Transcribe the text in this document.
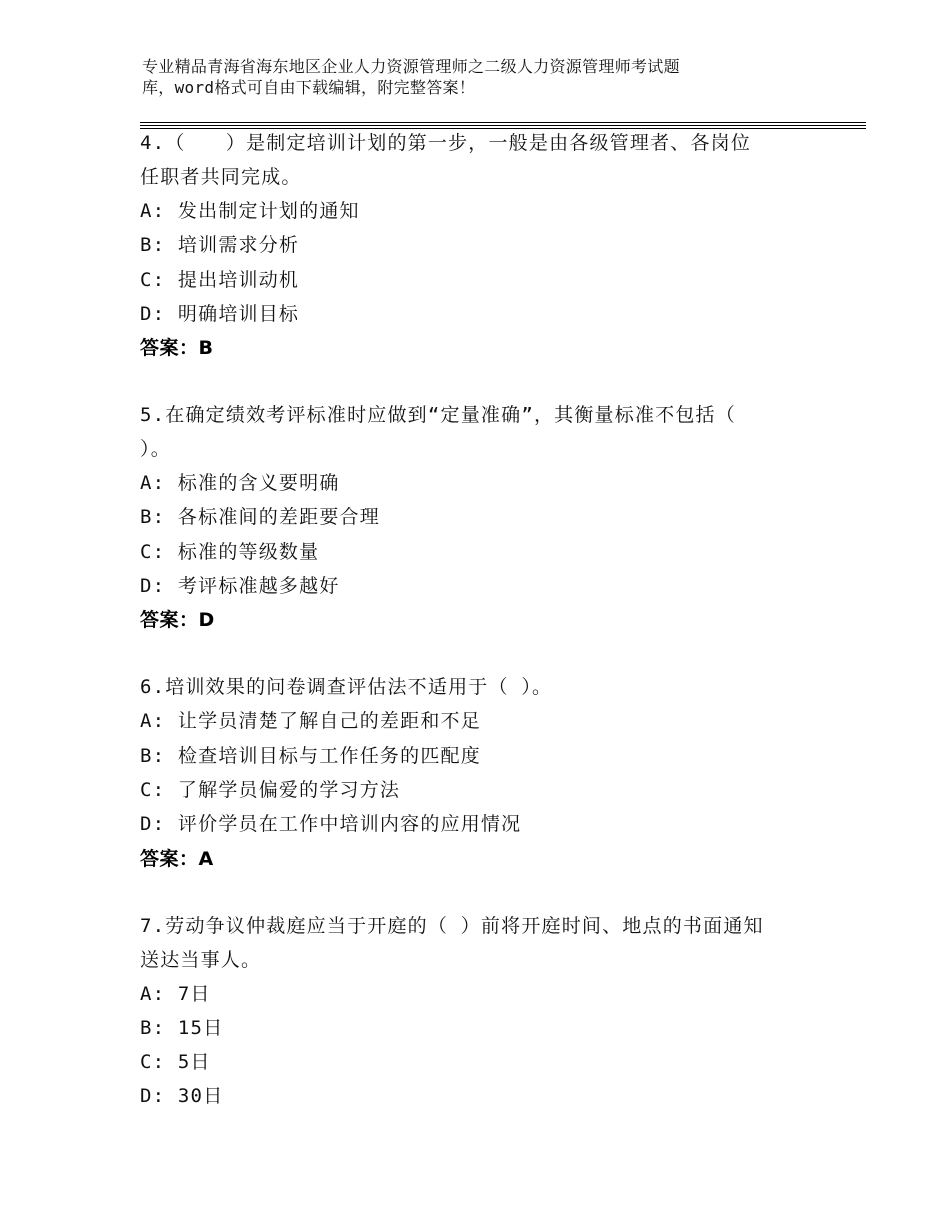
专业精品青海省海东地区企业人力资源管理师之二级人力资源管理师考试题
库，word格式可自由下载编辑，附完整答案！
4.（　　）是制定培训计划的第一步，一般是由各级管理者、各岗位
任职者共同完成。
A: 发出制定计划的通知
B: 培训需求分析
C: 提出培训动机
D: 明确培训目标
答案：B
5.在确定绩效考评标准时应做到“定量准确”，其衡量标准不包括（
）。
A: 标准的含义要明确
B: 各标准间的差距要合理
C: 标准的等级数量
D: 考评标准越多越好
答案：D
6.培训效果的问卷调查评估法不适用于（ ）。
A: 让学员清楚了解自己的差距和不足
B: 检查培训目标与工作任务的匹配度
C: 了解学员偏爱的学习方法
D: 评价学员在工作中培训内容的应用情况
答案：A
7.劳动争议仲裁庭应当于开庭的（ ）前将开庭时间、地点的书面通知
送达当事人。
A: 7日
B: 15日
C: 5日
D: 30日
